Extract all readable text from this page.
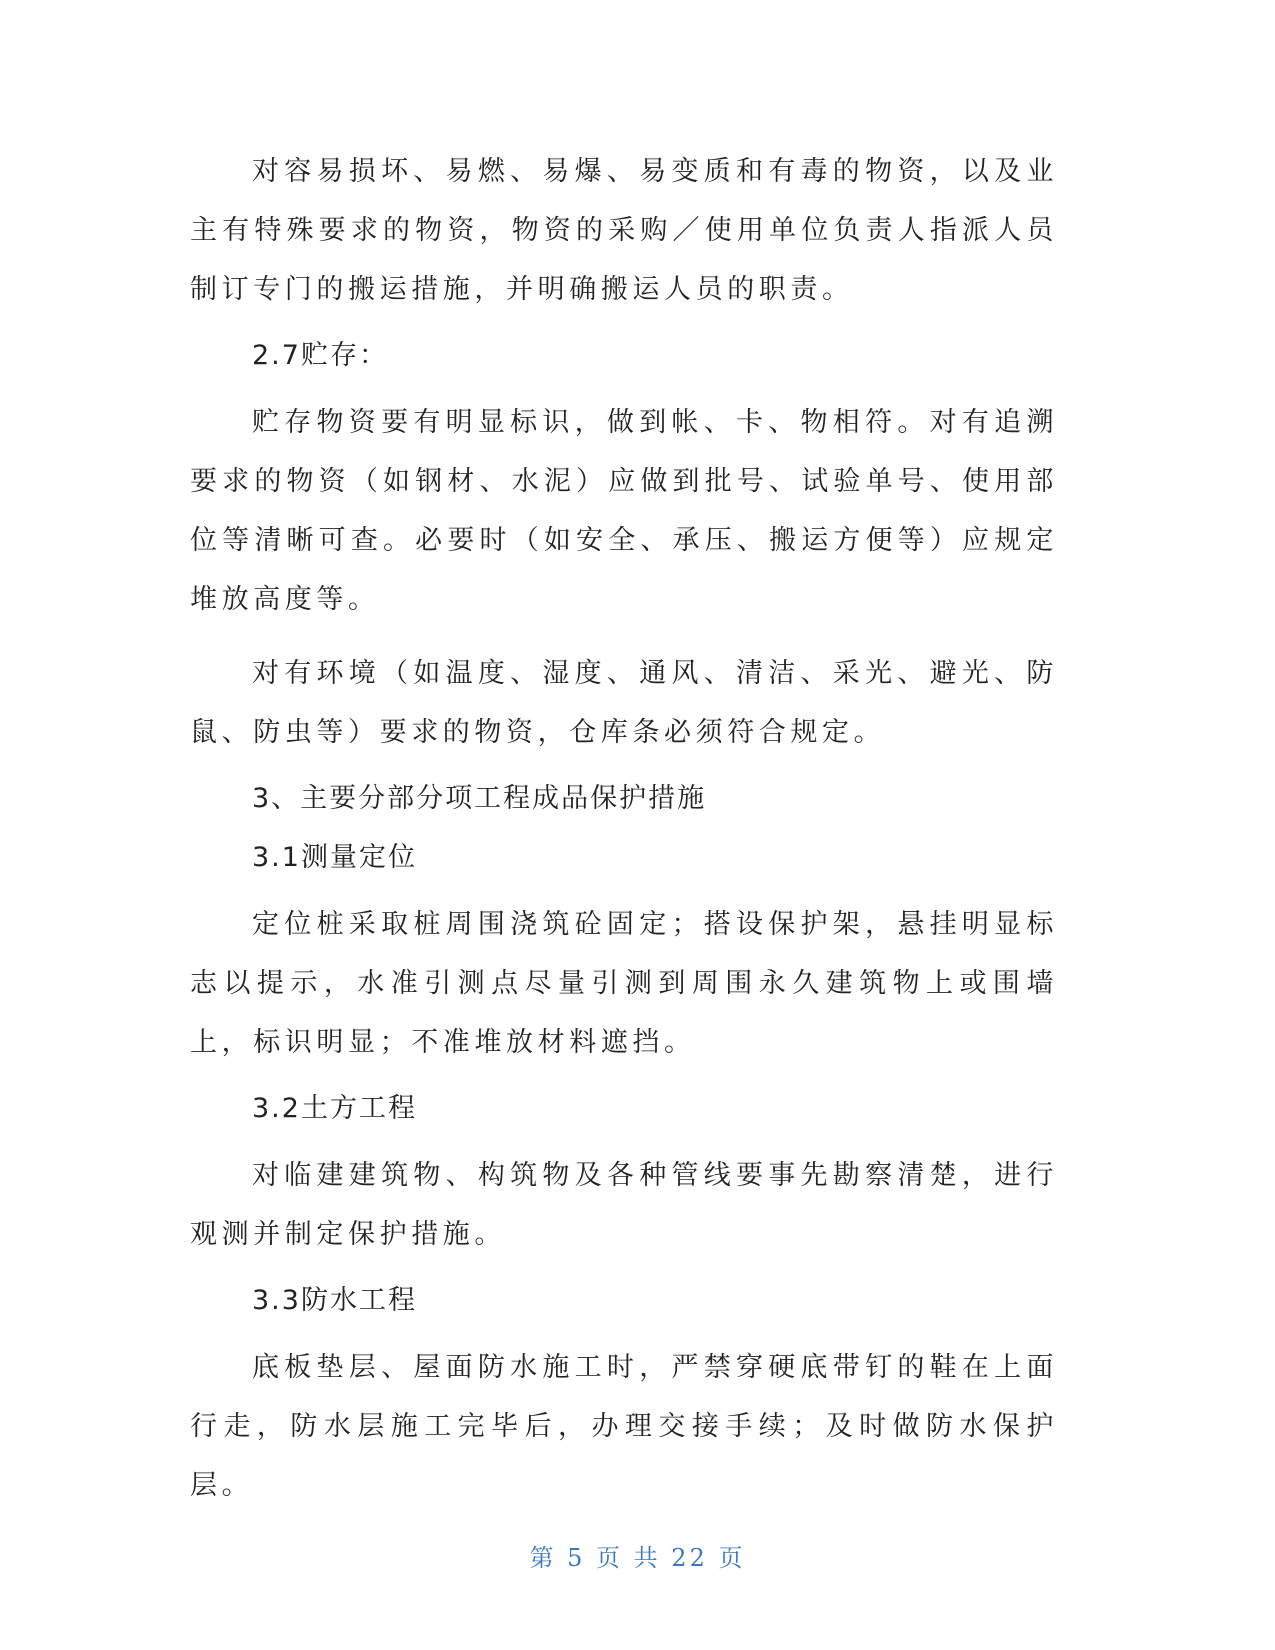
对容易损坏、易燃、易爆、易变质和有毒的物资，以及业主有特殊要求的物资，物资的采购／使用单位负责人指派人员制订专门的搬运措施，并明确搬运人员的职责。

2.7贮存：

贮存物资要有明显标识，做到帐、卡、物相符。对有追溯要求的物资（如钢材、水泥）应做到批号、试验单号、使用部位等清晰可查。必要时（如安全、承压、搬运方便等）应规定堆放高度等。

对有环境（如温度、湿度、通风、清洁、采光、避光、防鼠、防虫等）要求的物资，仓库条必须符合规定。

3、主要分部分项工程成品保护措施

3.1测量定位

定位桩采取桩周围浇筑砼固定；搭设保护架，悬挂明显标志以提示，水准引测点尽量引测到周围永久建筑物上或围墙上，标识明显；不准堆放材料遮挡。

3.2土方工程

对临建建筑物、构筑物及各种管线要事先勘察清楚，进行观测并制定保护措施。

3.3防水工程

底板垫层、屋面防水施工时，严禁穿硬底带钉的鞋在上面行走，防水层施工完毕后，办理交接手续；及时做防水保护层。

第 5 页 共 22 页
